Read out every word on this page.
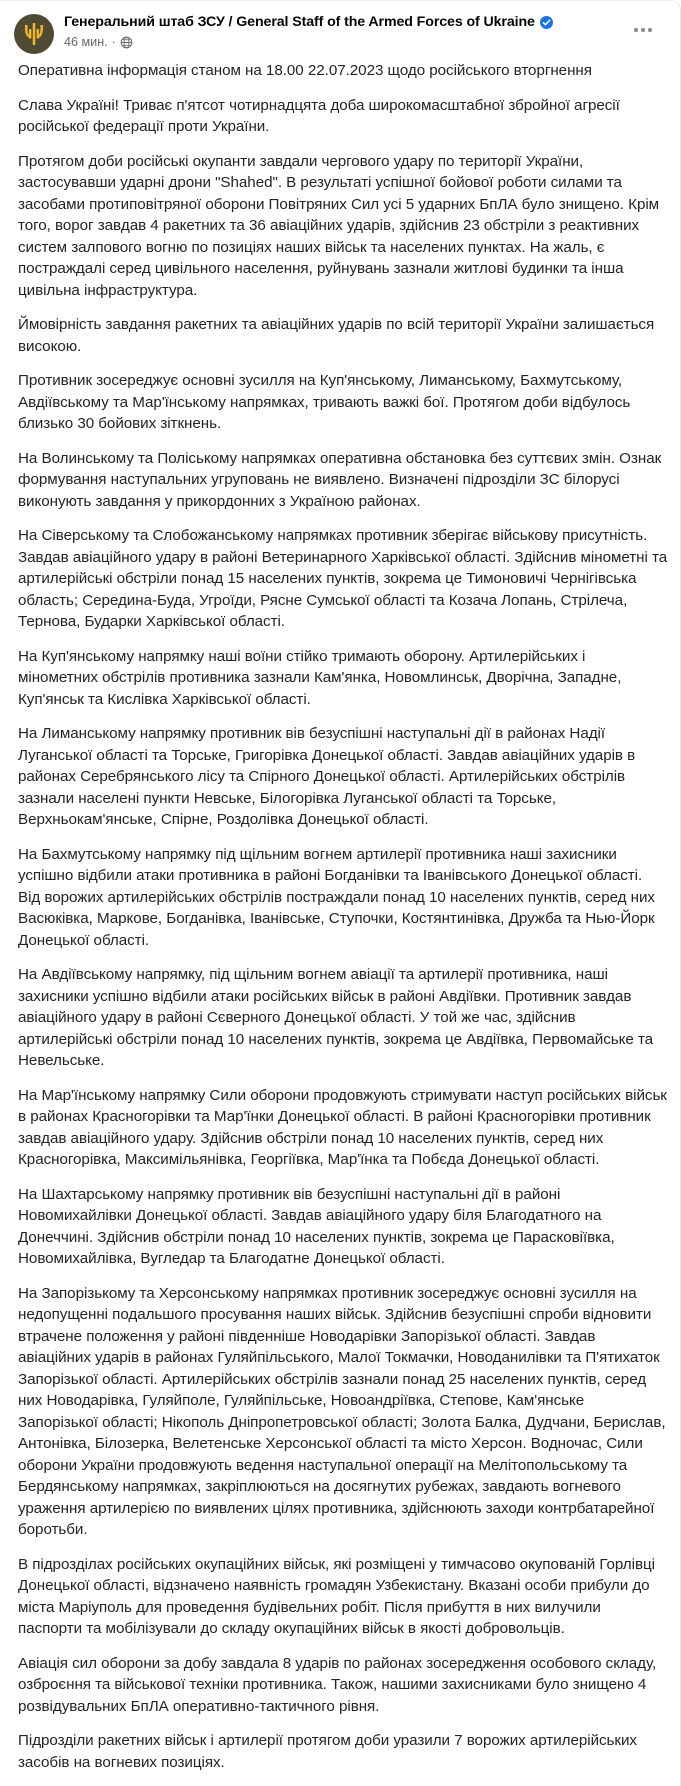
Генеральний штаб ЗСУ / General Staff of the Armed Forces of Ukraine
46 мин. ·

Оперативна інформація станом на 18.00 22.07.2023 щодо російського вторгнення

Слава Україні! Триває п'ятсот чотирнадцята доба широкомасштабної збройної агресії російської федерації проти України.

Протягом доби російські окупанти завдали чергового удару по території України, застосувавши ударні дрони "Shahed". В результаті успішної бойової роботи силами та засобами протиповітряної оборони Повітряних Сил усі 5 ударних БпЛА було знищено. Крім того, ворог завдав 4 ракетних та 36 авіаційних ударів, здійснив 23 обстріли з реактивних систем залпового вогню по позиціях наших військ та населених пунктах. На жаль, є постраждалі серед цивільного населення, руйнувань зазнали житлові будинки та інша цивільна інфраструктура.

Ймовірність завдання ракетних та авіаційних ударів по всій території України залишається високою.

Противник зосереджує основні зусилля на Куп'янському, Лиманському, Бахмутському, Авдіївському та Мар'їнському напрямках, тривають важкі бої. Протягом доби відбулось близько 30 бойових зіткнень.

На Волинському та Поліському напрямках оперативна обстановка без суттєвих змін. Ознак формування наступальних угруповань не виявлено. Визначені підрозділи ЗС білорусі виконують завдання у прикордонних з Україною районах.

На Сіверському та Слобожанському напрямках противник зберігає військову присутність. Завдав авіаційного удару в районі Ветеринарного Харківської області. Здійснив мінометні та артилерійські обстріли понад 15 населених пунктів, зокрема це Тимоновичі Чернігівська область; Середина-Буда, Угроїди, Рясне Сумської області та Козача Лопань, Стрілеча, Тернова, Бударки Харківської області.

На Куп'янському напрямку наші воїни стійко тримають оборону. Артилерійських і мінометних обстрілів противника зазнали Кам'янка, Новомлинськ, Дворічна, Западне, Куп'янськ та Кислівка Харківської області.

На Лиманському напрямку противник вів безуспішні наступальні дії в районах Надії Луганської області та Торське, Григорівка Донецької області. Завдав авіаційних ударів в районах Серебрянського лісу та Спірного Донецької області. Артилерійських обстрілів зазнали населені пункти Невське, Білогорівка Луганської області та Торське, Верхньокам'янське, Спірне, Роздолівка Донецької області.

На Бахмутському напрямку під щільним вогнем артилерії противника наші захисники успішно відбили атаки противника в районі Богданівки та Іванівського Донецької області. Від ворожих артилерійських обстрілів постраждали понад 10 населених пунктів, серед них Васюківка, Маркове, Богданівка, Іванівське, Ступочки, Костянтинівка, Дружба та Нью-Йорк Донецької області.

На Авдіївському напрямку, під щільним вогнем авіації та артилерії противника, наші захисники успішно відбили атаки російських військ в районі Авдіївки. Противник завдав авіаційного удару в районі Сєверного Донецької області. У той же час, здійснив артилерійські обстріли понад 10 населених пунктів, зокрема це Авдіївка, Первомайське та Невельське.

На Мар'їнському напрямку Сили оборони продовжують стримувати наступ російських військ в районах Красногорівки та Мар'їнки Донецької області. В районі Красногорівки противник завдав авіаційного удару. Здійснив обстріли понад 10 населених пунктів, серед них Красногорівка, Максимільянівка, Георгіївка, Мар'їнка та Побєда Донецької області.

На Шахтарському напрямку противник вів безуспішні наступальні дії в районі Новомихайлівки Донецької області. Завдав авіаційного удару біля Благодатного на Донеччині. Здійснив обстріли понад 10 населених пунктів, зокрема це Парасковіївка, Новомихайлівка, Вугледар та Благодатне Донецької області.

На Запорізькому та Херсонському напрямках противник зосереджує основні зусилля на недопущенні подальшого просування наших військ. Здійснив безуспішні спроби відновити втрачене положення у районі південніше Новодарівки Запорізької області. Завдав авіаційних ударів в районах Гуляйпільського, Малої Токмачки, Новоданилівки та П'ятихаток Запорізької області. Артилерійських обстрілів зазнали понад 25 населених пунктів, серед них Новодарівка, Гуляйполе, Гуляйпільське, Новоандріївка, Степове, Кам'янське Запорізької області; Нікополь Дніпропетровської області; Золота Балка, Дудчани, Берислав, Антонівка, Білозерка, Велетенське Херсонської області та місто Херсон. Водночас, Сили оборони України продовжують ведення наступальної операції на Мелітопольському та Бердянському напрямках, закріплюються на досягнутих рубежах, завдають вогневого ураження артилерією по виявлених цілях противника, здійснюють заходи контрбатарейної боротьби.

В підрозділах російських окупаційних військ, які розміщені у тимчасово окупованій Горлівці Донецької області, відзначено наявність громадян Узбекистану. Вказані особи прибули до міста Маріуполь для проведення будівельних робіт. Після прибуття в них вилучили паспорти та мобілізували до складу окупаційних військ в якості добровольців.

Авіація сил оборони за добу завдала 8 ударів по районах зосередження особового складу, озброєння та військової техніки противника. Також, нашими захисниками було знищено 4 розвідувальних БпЛА оперативно-тактичного рівня.

Підрозділи ракетних військ і артилерії протягом доби уразили 7 ворожих артилерійських засобів на вогневих позиціях.
